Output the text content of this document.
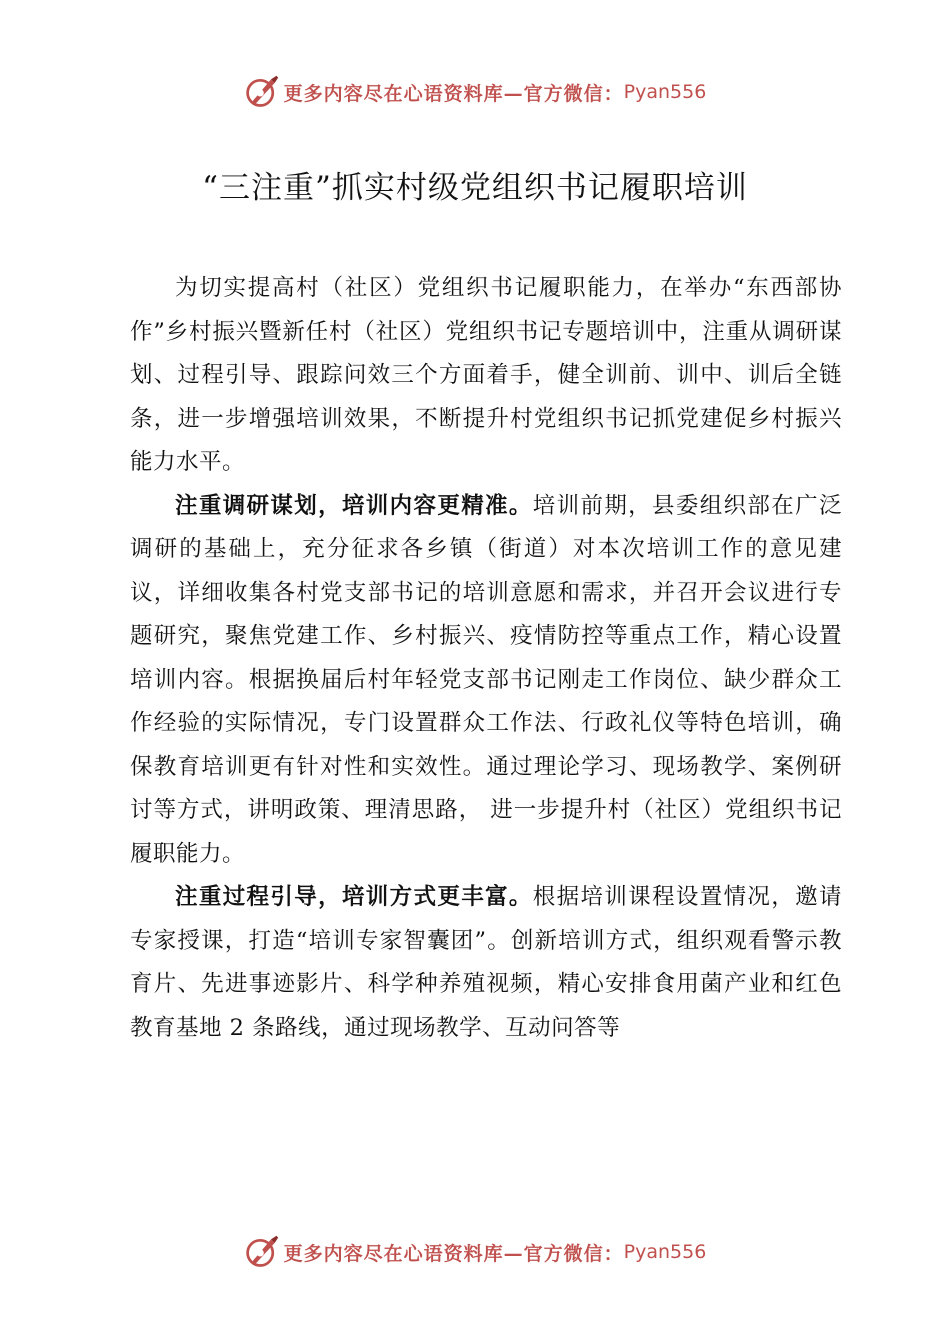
更多内容尽在心语资料库—官方微信： Pyan556
“三注重”抓实村级党组织书记履职培训

为切实提高村（社区）党组织书记履职能力，在举办“东西部协作”乡村振兴暨新任村（社区）党组织书记专题培训中，注重从调研谋划、过程引导、跟踪问效三个方面着手，健全训前、训中、训后全链条，进一步增强培训效果，不断提升村党组织书记抓党建促乡村振兴能力水平。

注重调研谋划，培训内容更精准。培训前期，县委组织部在广泛调研的基础上，充分征求各乡镇（街道）对本次培训工作的意见建议，详细收集各村党支部书记的培训意愿和需求，并召开会议进行专题研究，聚焦党建工作、乡村振兴、疫情防控等重点工作，精心设置培训内容。根据换届后村年轻党支部书记刚走工作岗位、缺少群众工作经验的实际情况，专门设置群众工作法、行政礼仪等特色培训，确保教育培训更有针对性和实效性。通过理论学习、现场教学、案例研讨等方式，讲明政策、理清思路， 进一步提升村（社区）党组织书记履职能力。

注重过程引导，培训方式更丰富。根据培训课程设置情况，邀请专家授课，打造“培训专家智囊团”。创新培训方式，组织观看警示教育片、先进事迹影片、科学种养殖视频，精心安排食用菌产业和红色教育基地 2 条路线，通过现场教学、互动问答等

更多内容尽在心语资料库—官方微信： Pyan556
